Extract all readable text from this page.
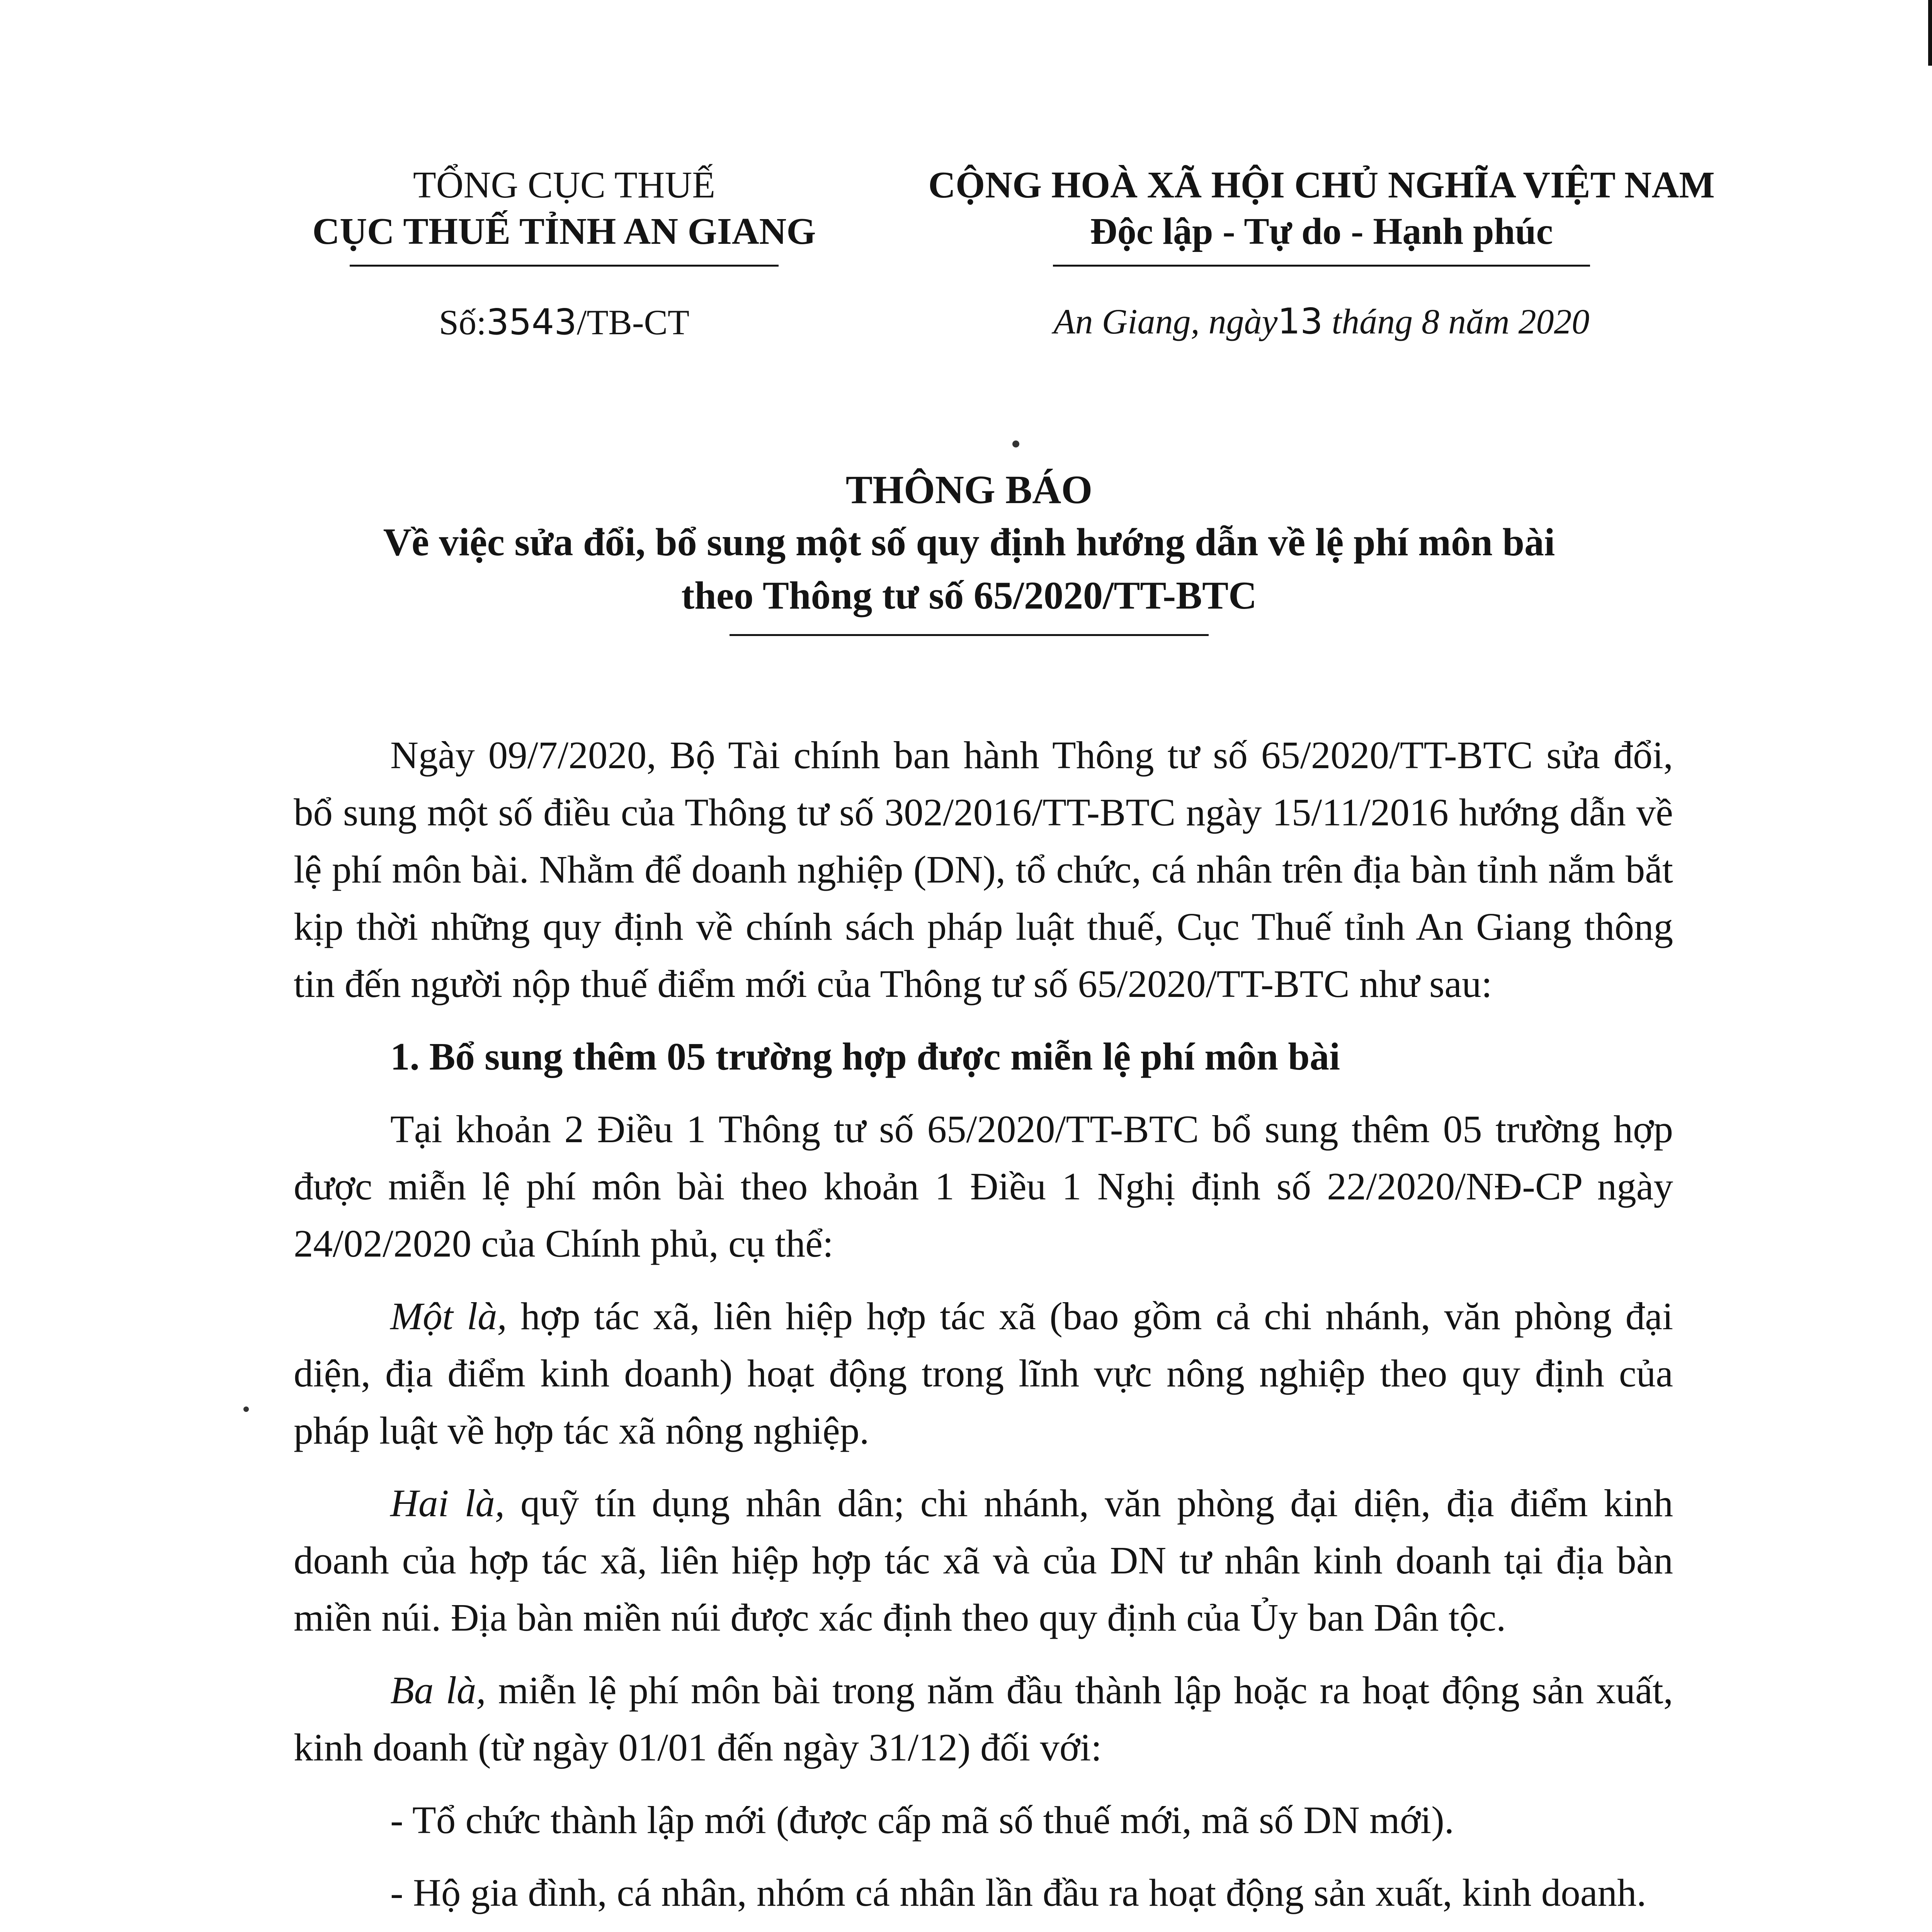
TỔNG CỤC THUẾ
CỤC THUẾ TỈNH AN GIANG
Số:3543/TB-CT
CỘNG HOÀ XÃ HỘI CHỦ NGHĨA VIỆT NAM
Độc lập - Tự do - Hạnh phúc
An Giang, ngày13 tháng 8 năm 2020
THÔNG BÁO
Về việc sửa đổi, bổ sung một số quy định hướng dẫn về lệ phí môn bài
theo Thông tư số 65/2020/TT-BTC

Ngày 09/7/2020, Bộ Tài chính ban hành Thông tư số 65/2020/TT-BTC sửa đổi, bổ sung một số điều của Thông tư số 302/2016/TT-BTC ngày 15/11/2016 hướng dẫn về lệ phí môn bài. Nhằm để doanh nghiệp (DN), tổ chức, cá nhân trên địa bàn tỉnh nắm bắt kịp thời những quy định về chính sách pháp luật thuế, Cục Thuế tỉnh An Giang thông tin đến người nộp thuế điểm mới của Thông tư số 65/2020/TT-BTC như sau:

1. Bổ sung thêm 05 trường hợp được miễn lệ phí môn bài

Tại khoản 2 Điều 1 Thông tư số 65/2020/TT-BTC bổ sung thêm 05 trường hợp được miễn lệ phí môn bài theo khoản 1 Điều 1 Nghị định số 22/2020/NĐ-CP ngày 24/02/2020 của Chính phủ, cụ thể:

Một là, hợp tác xã, liên hiệp hợp tác xã (bao gồm cả chi nhánh, văn phòng đại diện, địa điểm kinh doanh) hoạt động trong lĩnh vực nông nghiệp theo quy định của pháp luật về hợp tác xã nông nghiệp.

Hai là, quỹ tín dụng nhân dân; chi nhánh, văn phòng đại diện, địa điểm kinh doanh của hợp tác xã, liên hiệp hợp tác xã và của DN tư nhân kinh doanh tại địa bàn miền núi. Địa bàn miền núi được xác định theo quy định của Ủy ban Dân tộc.

Ba là, miễn lệ phí môn bài trong năm đầu thành lập hoặc ra hoạt động sản xuất, kinh doanh (từ ngày 01/01 đến ngày 31/12) đối với:

- Tổ chức thành lập mới (được cấp mã số thuế mới, mã số DN mới).

- Hộ gia đình, cá nhân, nhóm cá nhân lần đầu ra hoạt động sản xuất, kinh doanh.
